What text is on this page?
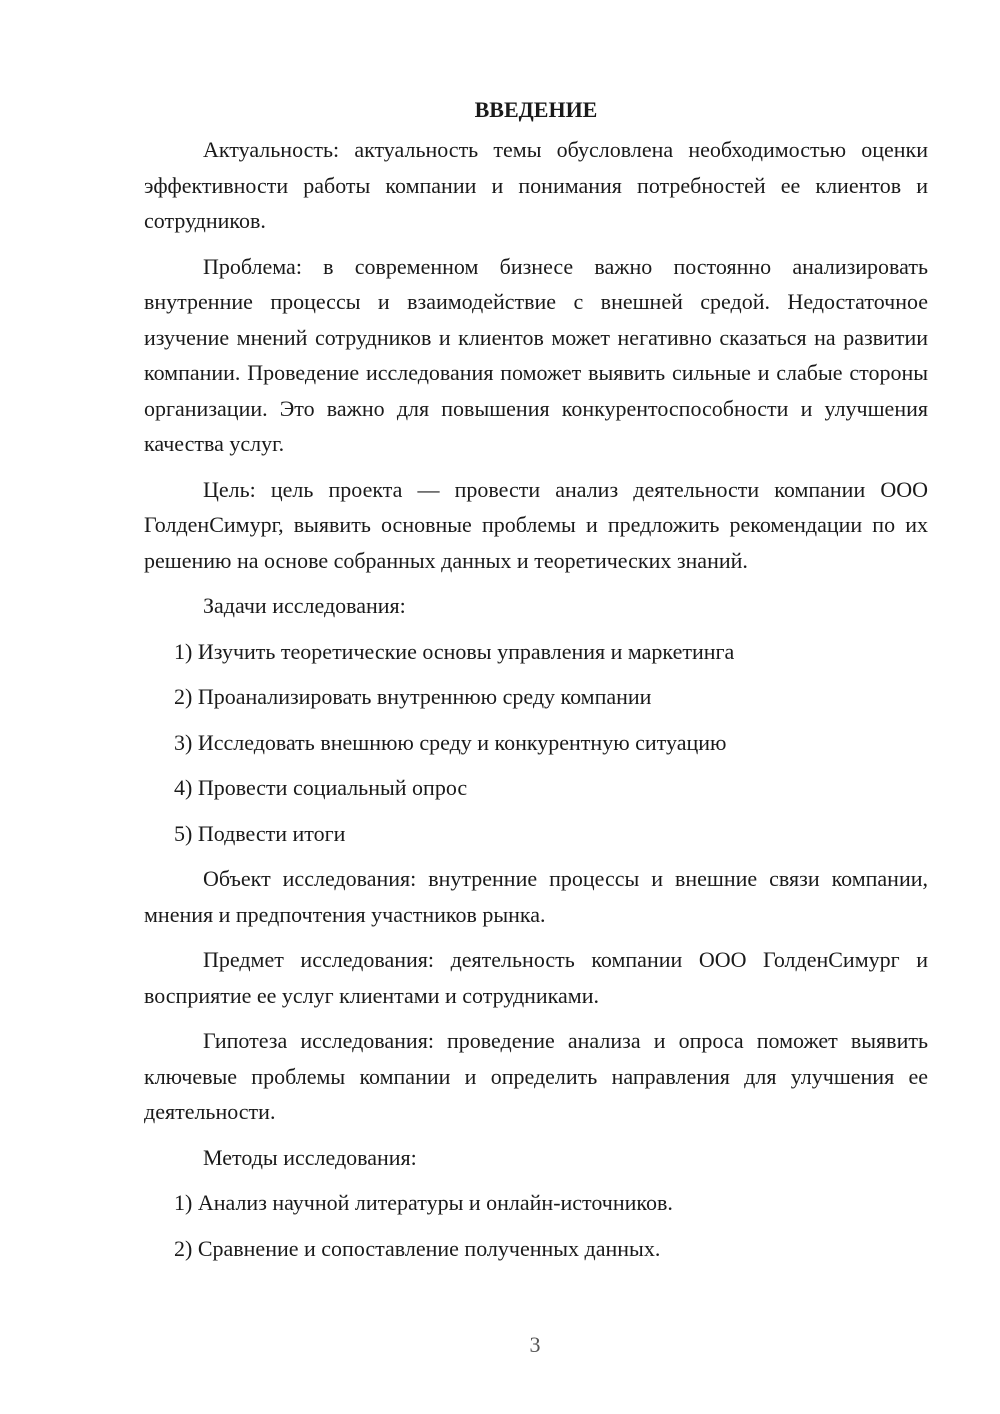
ВВЕДЕНИЕ

Актуальность: актуальность темы обусловлена необходимостью оценки эффективности работы компании и понимания потребностей ее клиентов и сотрудников.

Проблема: в современном бизнесе важно постоянно анализировать внутренние процессы и взаимодействие с внешней средой. Недостаточное изучение мнений сотрудников и клиентов может негативно сказаться на развитии компании. Проведение исследования поможет выявить сильные и слабые стороны организации. Это важно для повышения конкурентоспособности и улучшения качества услуг.

Цель: цель проекта — провести анализ деятельности компании ООО ГолденСимург, выявить основные проблемы и предложить рекомендации по их решению на основе собранных данных и теоретических знаний.

Задачи исследования:

1) Изучить теоретические основы управления и маркетинга
2) Проанализировать внутреннюю среду компании
3) Исследовать внешнюю среду и конкурентную ситуацию
4) Провести социальный опрос
5) Подвести итоги

Объект исследования: внутренние процессы и внешние связи компании, мнения и предпочтения участников рынка.

Предмет исследования: деятельность компании ООО ГолденСимург и восприятие ее услуг клиентами и сотрудниками.

Гипотеза исследования: проведение анализа и опроса поможет выявить ключевые проблемы компании и определить направления для улучшения ее деятельности.

Методы исследования:

1) Анализ научной литературы и онлайн-источников.
2) Сравнение и сопоставление полученных данных.
3
